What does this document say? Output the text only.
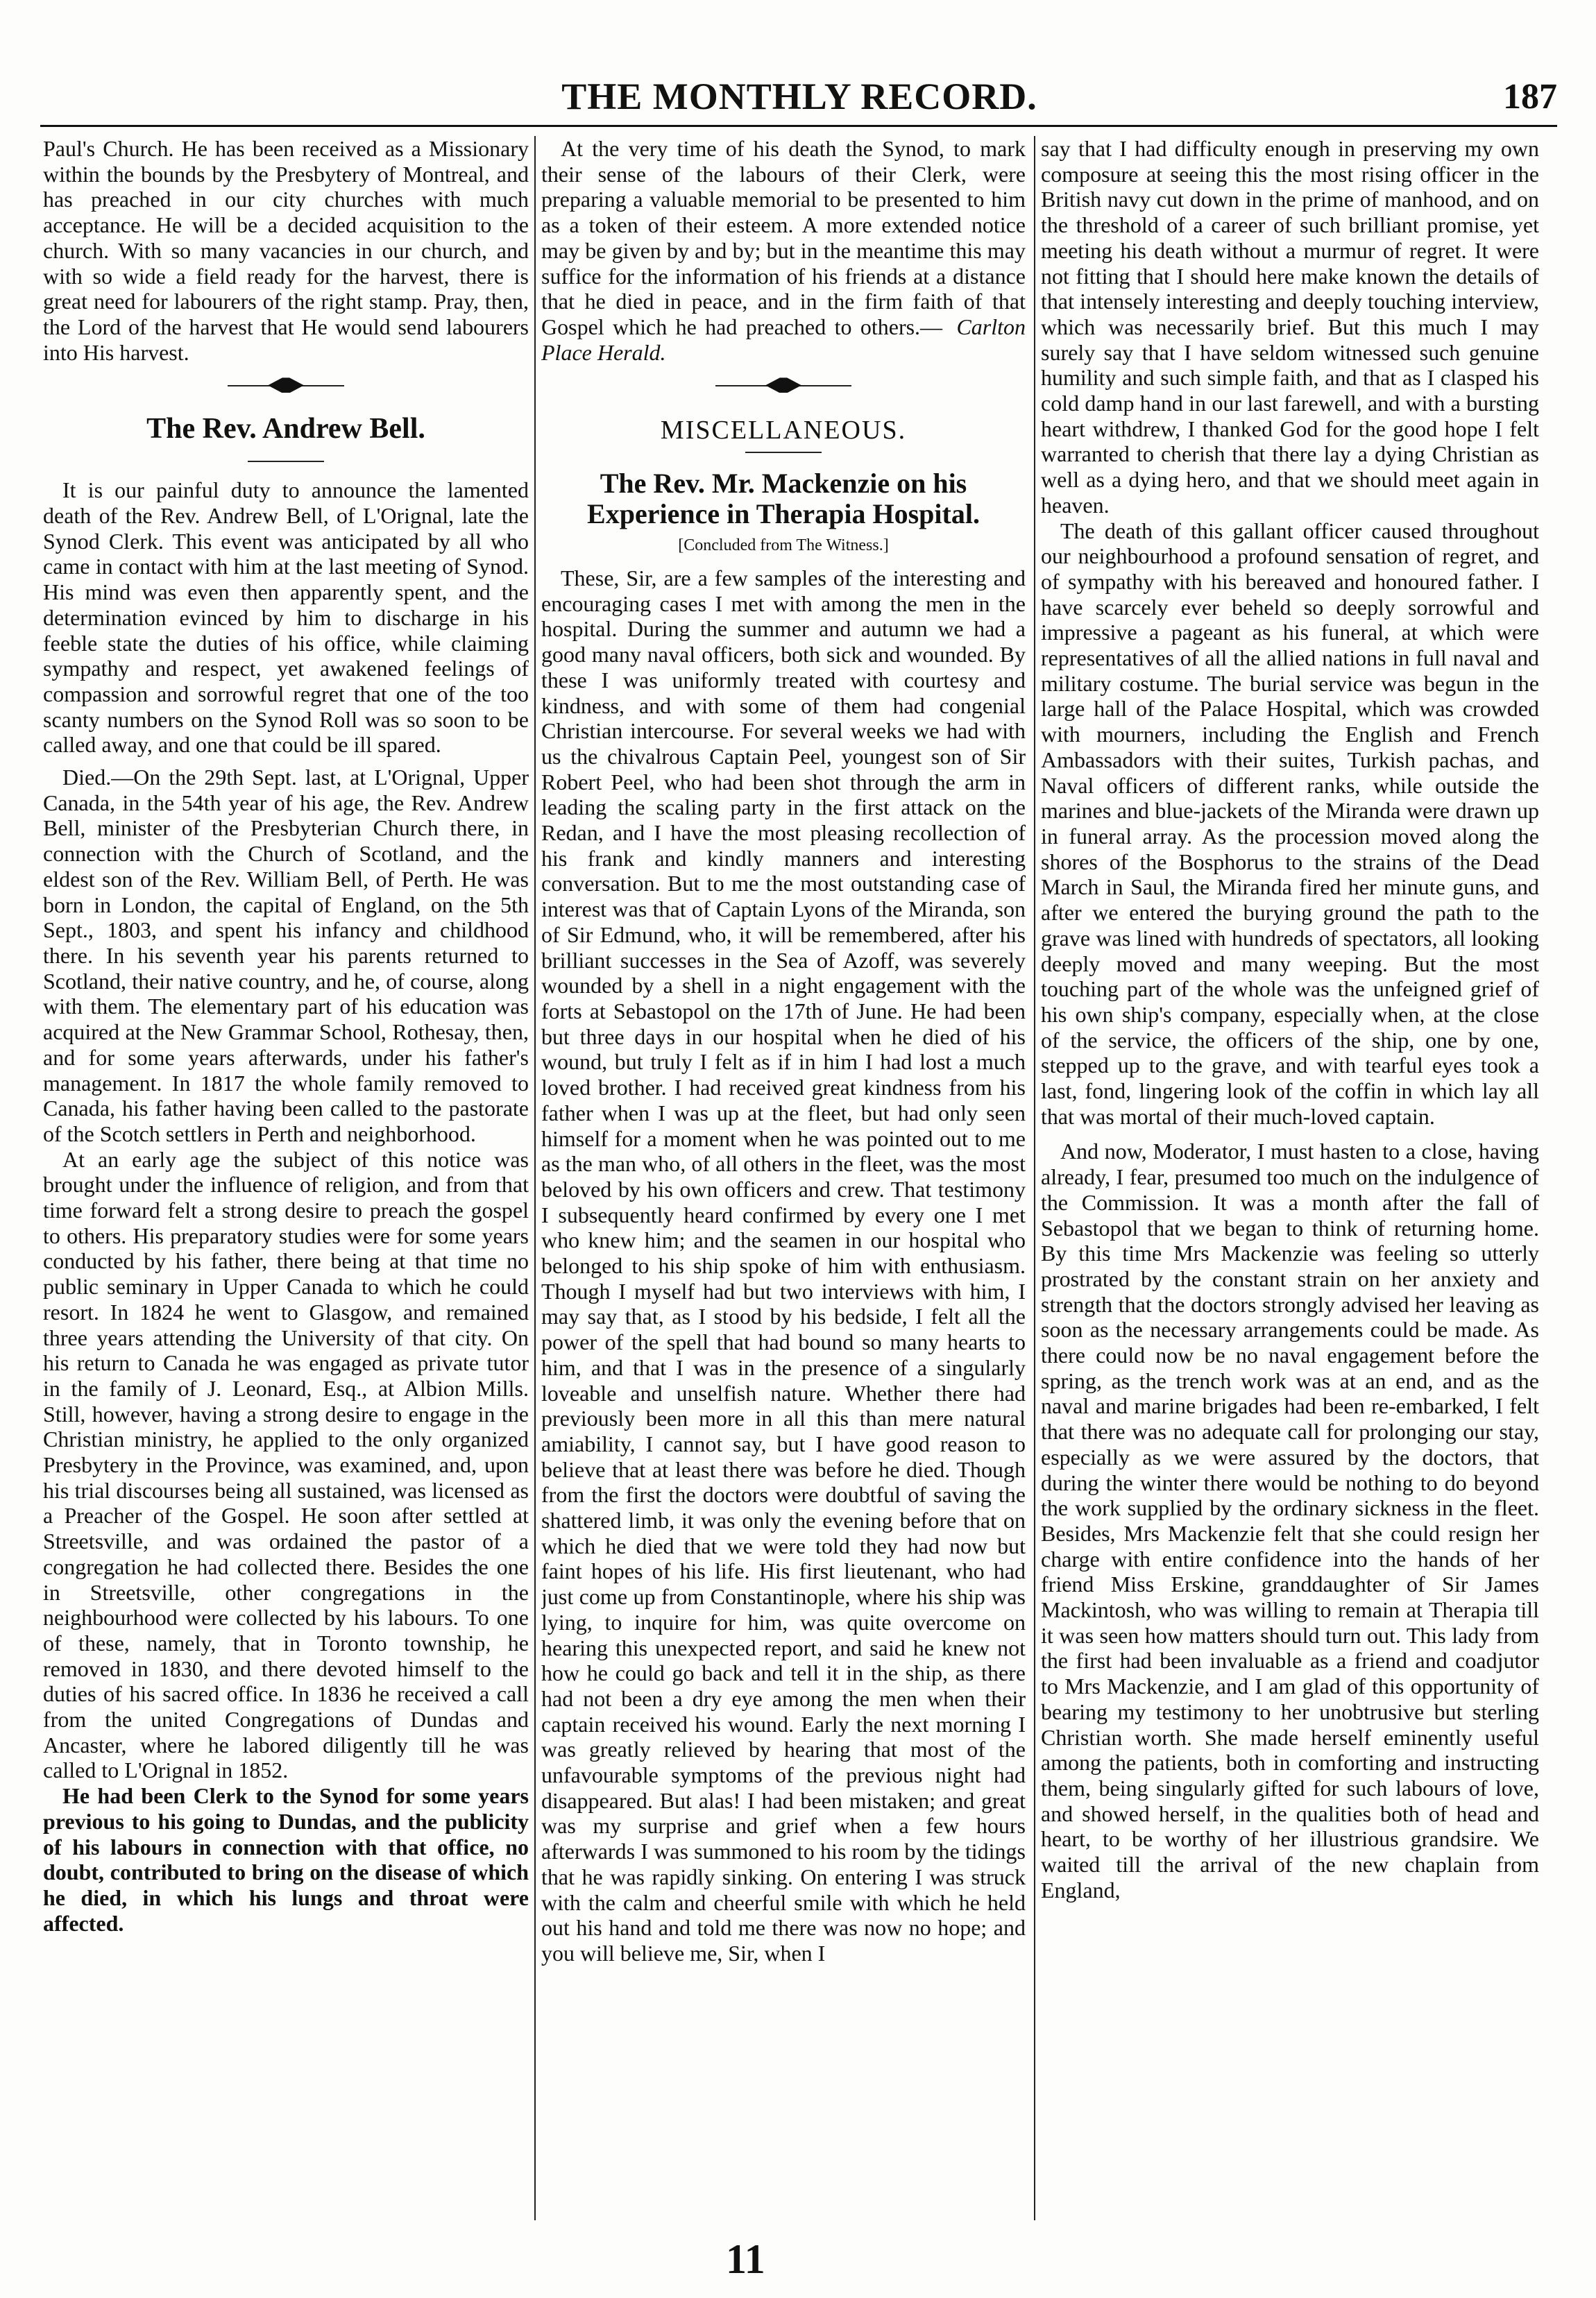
THE MONTHLY RECORD.	187

Paul's Church. He has been received as a Missionary within the bounds by the Presbytery of Montreal, and has preached in our city churches with much acceptance. He will be a decided acquisition to the church. With so many vacancies in our church, and with so wide a field ready for the harvest, there is great need for labourers of the right stamp. Pray, then, the Lord of the harvest that He would send labourers into His harvest.

The Rev. Andrew Bell.

It is our painful duty to announce the lamented death of the Rev. Andrew Bell, of L'Orignal, late the Synod Clerk. This event was anticipated by all who came in contact with him at the last meeting of Synod. His mind was even then apparently spent, and the determination evinced by him to discharge in his feeble state the duties of his office, while claiming sympathy and respect, yet awakened feelings of compassion and sorrowful regret that one of the too scanty numbers on the Synod Roll was so soon to be called away, and one that could be ill spared.

Died.—On the 29th Sept. last, at L'Orignal, Upper Canada, in the 54th year of his age, the Rev. Andrew Bell, minister of the Presbyterian Church there, in connection with the Church of Scotland, and the eldest son of the Rev. William Bell, of Perth. He was born in London, the capital of England, on the 5th Sept., 1803, and spent his infancy and childhood there. In his seventh year his parents returned to Scotland, their native country, and he, of course, along with them. The elementary part of his education was acquired at the New Grammar School, Rothesay, then, and for some years afterwards, under his father's management. In 1817 the whole family removed to Canada, his father having been called to the pastorate of the Scotch settlers in Perth and neighborhood.

At an early age the subject of this notice was brought under the influence of religion, and from that time forward felt a strong desire to preach the gospel to others. His preparatory studies were for some years conducted by his father, there being at that time no public seminary in Upper Canada to which he could resort. In 1824 he went to Glasgow, and remained three years attending the University of that city. On his return to Canada he was engaged as private tutor in the family of J. Leonard, Esq., at Albion Mills. Still, however, having a strong desire to engage in the Christian ministry, he applied to the only organized Presbytery in the Province, was examined, and, upon his trial discourses being all sustained, was licensed as a Preacher of the Gospel. He soon after settled at Streetsville, and was ordained the pastor of a congregation he had collected there. Besides the one in Streetsville, other congregations in the neighbourhood were collected by his labours. To one of these, namely, that in Toronto township, he removed in 1830, and there devoted himself to the duties of his sacred office. In 1836 he received a call from the united Congregations of Dundas and Ancaster, where he labored diligently till he was called to L'Orignal in 1852.

He had been Clerk to the Synod for some years previous to his going to Dundas, and the publicity of his labours in connection with that office, no doubt, contributed to bring on the disease of which he died, in which his lungs and throat were affected.

At the very time of his death the Synod, to mark their sense of the labours of their Clerk, were preparing a valuable memorial to be presented to him as a token of their esteem. A more extended notice may be given by and by; but in the meantime this may suffice for the information of his friends at a distance that he died in peace, and in the firm faith of that Gospel which he had preached to others.— Carlton Place Herald.

MISCELLANEOUS.
The Rev. Mr. Mackenzie on his Experience in Therapia Hospital.
[Concluded from The Witness.]

These, Sir, are a few samples of the interesting and encouraging cases I met with among the men in the hospital. During the summer and autumn we had a good many naval officers, both sick and wounded. By these I was uniformly treated with courtesy and kindness, and with some of them had congenial Christian intercourse. For several weeks we had with us the chivalrous Captain Peel, youngest son of Sir Robert Peel, who had been shot through the arm in leading the scaling party in the first attack on the Redan, and I have the most pleasing recollection of his frank and kindly manners and interesting conversation. But to me the most outstanding case of interest was that of Captain Lyons of the Miranda, son of Sir Edmund, who, it will be remembered, after his brilliant successes in the Sea of Azoff, was severely wounded by a shell in a night engagement with the forts at Sebastopol on the 17th of June. He had been but three days in our hospital when he died of his wound, but truly I felt as if in him I had lost a much loved brother. I had received great kindness from his father when I was up at the fleet, but had only seen himself for a moment when he was pointed out to me as the man who, of all others in the fleet, was the most beloved by his own officers and crew. That testimony I subsequently heard confirmed by every one I met who knew him; and the seamen in our hospital who belonged to his ship spoke of him with enthusiasm. Though I myself had but two interviews with him, I may say that, as I stood by his bedside, I felt all the power of the spell that had bound so many hearts to him, and that I was in the presence of a singularly loveable and unselfish nature. Whether there had previously been more in all this than mere natural amiability, I cannot say, but I have good reason to believe that at least there was before he died. Though from the first the doctors were doubtful of saving the shattered limb, it was only the evening before that on which he died that we were told they had now but faint hopes of his life. His first lieutenant, who had just come up from Constantinople, where his ship was lying, to inquire for him, was quite overcome on hearing this unexpected report, and said he knew not how he could go back and tell it in the ship, as there had not been a dry eye among the men when their captain received his wound. Early the next morning I was greatly relieved by hearing that most of the unfavourable symptoms of the previous night had disappeared. But alas! I had been mistaken; and great was my surprise and grief when a few hours afterwards I was summoned to his room by the tidings that he was rapidly sinking. On entering I was struck with the calm and cheerful smile with which he held out his hand and told me there was now no hope; and you will believe me, Sir, when I

say that I had difficulty enough in preserving my own composure at seeing this the most rising officer in the British navy cut down in the prime of manhood, and on the threshold of a career of such brilliant promise, yet meeting his death without a murmur of regret. It were not fitting that I should here make known the details of that intensely interesting and deeply touching interview, which was necessarily brief. But this much I may surely say that I have seldom witnessed such genuine humility and such simple faith, and that as I clasped his cold damp hand in our last farewell, and with a bursting heart withdrew, I thanked God for the good hope I felt warranted to cherish that there lay a dying Christian as well as a dying hero, and that we should meet again in heaven.

The death of this gallant officer caused throughout our neighbourhood a profound sensation of regret, and of sympathy with his bereaved and honoured father. I have scarcely ever beheld so deeply sorrowful and impressive a pageant as his funeral, at which were representatives of all the allied nations in full naval and military costume. The burial service was begun in the large hall of the Palace Hospital, which was crowded with mourners, including the English and French Ambassadors with their suites, Turkish pachas, and Naval officers of different ranks, while outside the marines and blue-jackets of the Miranda were drawn up in funeral array. As the procession moved along the shores of the Bosphorus to the strains of the Dead March in Saul, the Miranda fired her minute guns, and after we entered the burying ground the path to the grave was lined with hundreds of spectators, all looking deeply moved and many weeping. But the most touching part of the whole was the unfeigned grief of his own ship's company, especially when, at the close of the service, the officers of the ship, one by one, stepped up to the grave, and with tearful eyes took a last, fond, lingering look of the coffin in which lay all that was mortal of their much-loved captain.

And now, Moderator, I must hasten to a close, having already, I fear, presumed too much on the indulgence of the Commission. It was a month after the fall of Sebastopol that we began to think of returning home. By this time Mrs Mackenzie was feeling so utterly prostrated by the constant strain on her anxiety and strength that the doctors strongly advised her leaving as soon as the necessary arrangements could be made. As there could now be no naval engagement before the spring, as the trench work was at an end, and as the naval and marine brigades had been re-embarked, I felt that there was no adequate call for prolonging our stay, especially as we were assured by the doctors, that during the winter there would be nothing to do beyond the work supplied by the ordinary sickness in the fleet. Besides, Mrs Mackenzie felt that she could resign her charge with entire confidence into the hands of her friend Miss Erskine, granddaughter of Sir James Mackintosh, who was willing to remain at Therapia till it was seen how matters should turn out. This lady from the first had been invaluable as a friend and coadjutor to Mrs Mackenzie, and I am glad of this opportunity of bearing my testimony to her unobtrusive but sterling Christian worth. She made herself eminently useful among the patients, both in comforting and instructing them, being singularly gifted for such labours of love, and showed herself, in the qualities both of head and heart, to be worthy of her illustrious grandsire. We waited till the arrival of the new chaplain from England,

11
